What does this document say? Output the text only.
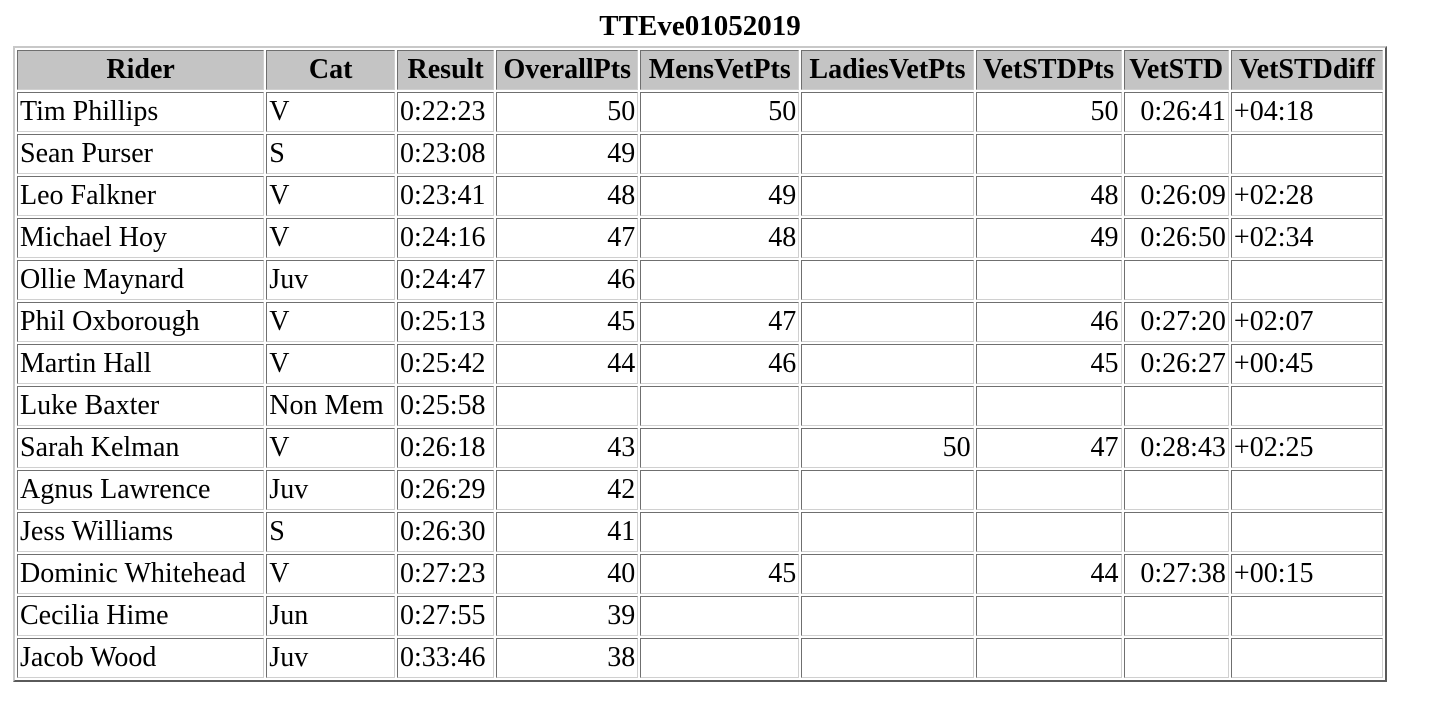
TTEve01052019
Rider	Cat	Result	OverallPts	MensVetPts	LadiesVetPts	VetSTDPts	VetSTD	VetSTDdiff
Tim Phillips	V	0:22:23	50	50		50	0:26:41	+04:18
Sean Purser	S	0:23:08	49					
Leo Falkner	V	0:23:41	48	49		48	0:26:09	+02:28
Michael Hoy	V	0:24:16	47	48		49	0:26:50	+02:34
Ollie Maynard	Juv	0:24:47	46					
Phil Oxborough	V	0:25:13	45	47		46	0:27:20	+02:07
Martin Hall	V	0:25:42	44	46		45	0:26:27	+00:45
Luke Baxter	Non Mem	0:25:58						
Sarah Kelman	V	0:26:18	43		50	47	0:28:43	+02:25
Agnus Lawrence	Juv	0:26:29	42					
Jess Williams	S	0:26:30	41					
Dominic Whitehead	V	0:27:23	40	45		44	0:27:38	+00:15
Cecilia Hime	Jun	0:27:55	39					
Jacob Wood	Juv	0:33:46	38					
